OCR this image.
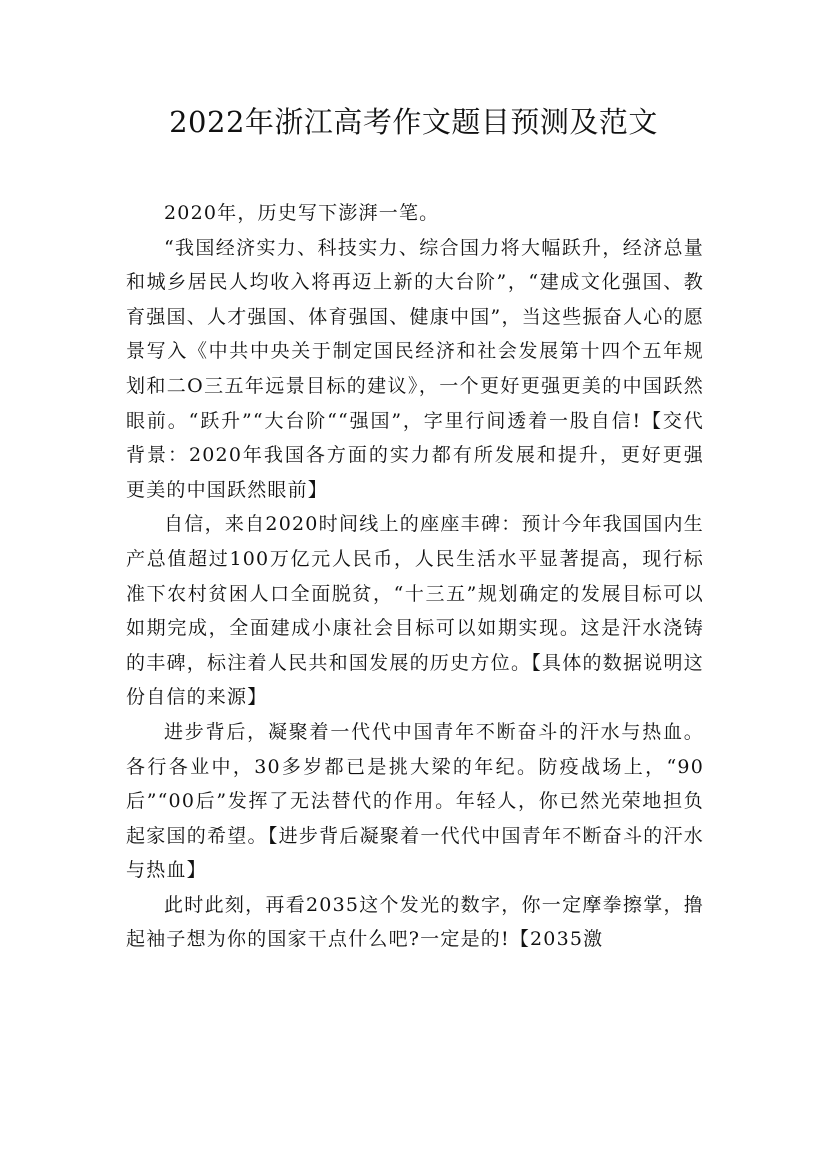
2022年浙江高考作文题目预测及范文

2020年，历史写下澎湃一笔。

“我国经济实力、科技实力、综合国力将大幅跃升，经济总量和城乡居民人均收入将再迈上新的大台阶”，“建成文化强国、教育强国、人才强国、体育强国、健康中国”，当这些振奋人心的愿景写入《中共中央关于制定国民经济和社会发展第十四个五年规划和二O三五年远景目标的建议》，一个更好更强更美的中国跃然眼前。“跃升”“大台阶““强国”，字里行间透着一股自信!【交代背景：2020年我国各方面的实力都有所发展和提升，更好更强更美的中国跃然眼前】

自信，来自2020时间线上的座座丰碑：预计今年我国国内生产总值超过100万亿元人民币，人民生活水平显著提高，现行标准下农村贫困人口全面脱贫，“十三五”规划确定的发展目标可以如期完成，全面建成小康社会目标可以如期实现。这是汗水浇铸的丰碑，标注着人民共和国发展的历史方位。【具体的数据说明这份自信的来源】

进步背后，凝聚着一代代中国青年不断奋斗的汗水与热血。各行各业中，30多岁都已是挑大梁的年纪。防疫战场上，“90后”“00后”发挥了无法替代的作用。年轻人，你已然光荣地担负起家国的希望。【进步背后凝聚着一代代中国青年不断奋斗的汗水与热血】

此时此刻，再看2035这个发光的数字，你一定摩拳擦掌，撸起袖子想为你的国家干点什么吧?一定是的!【2035激
